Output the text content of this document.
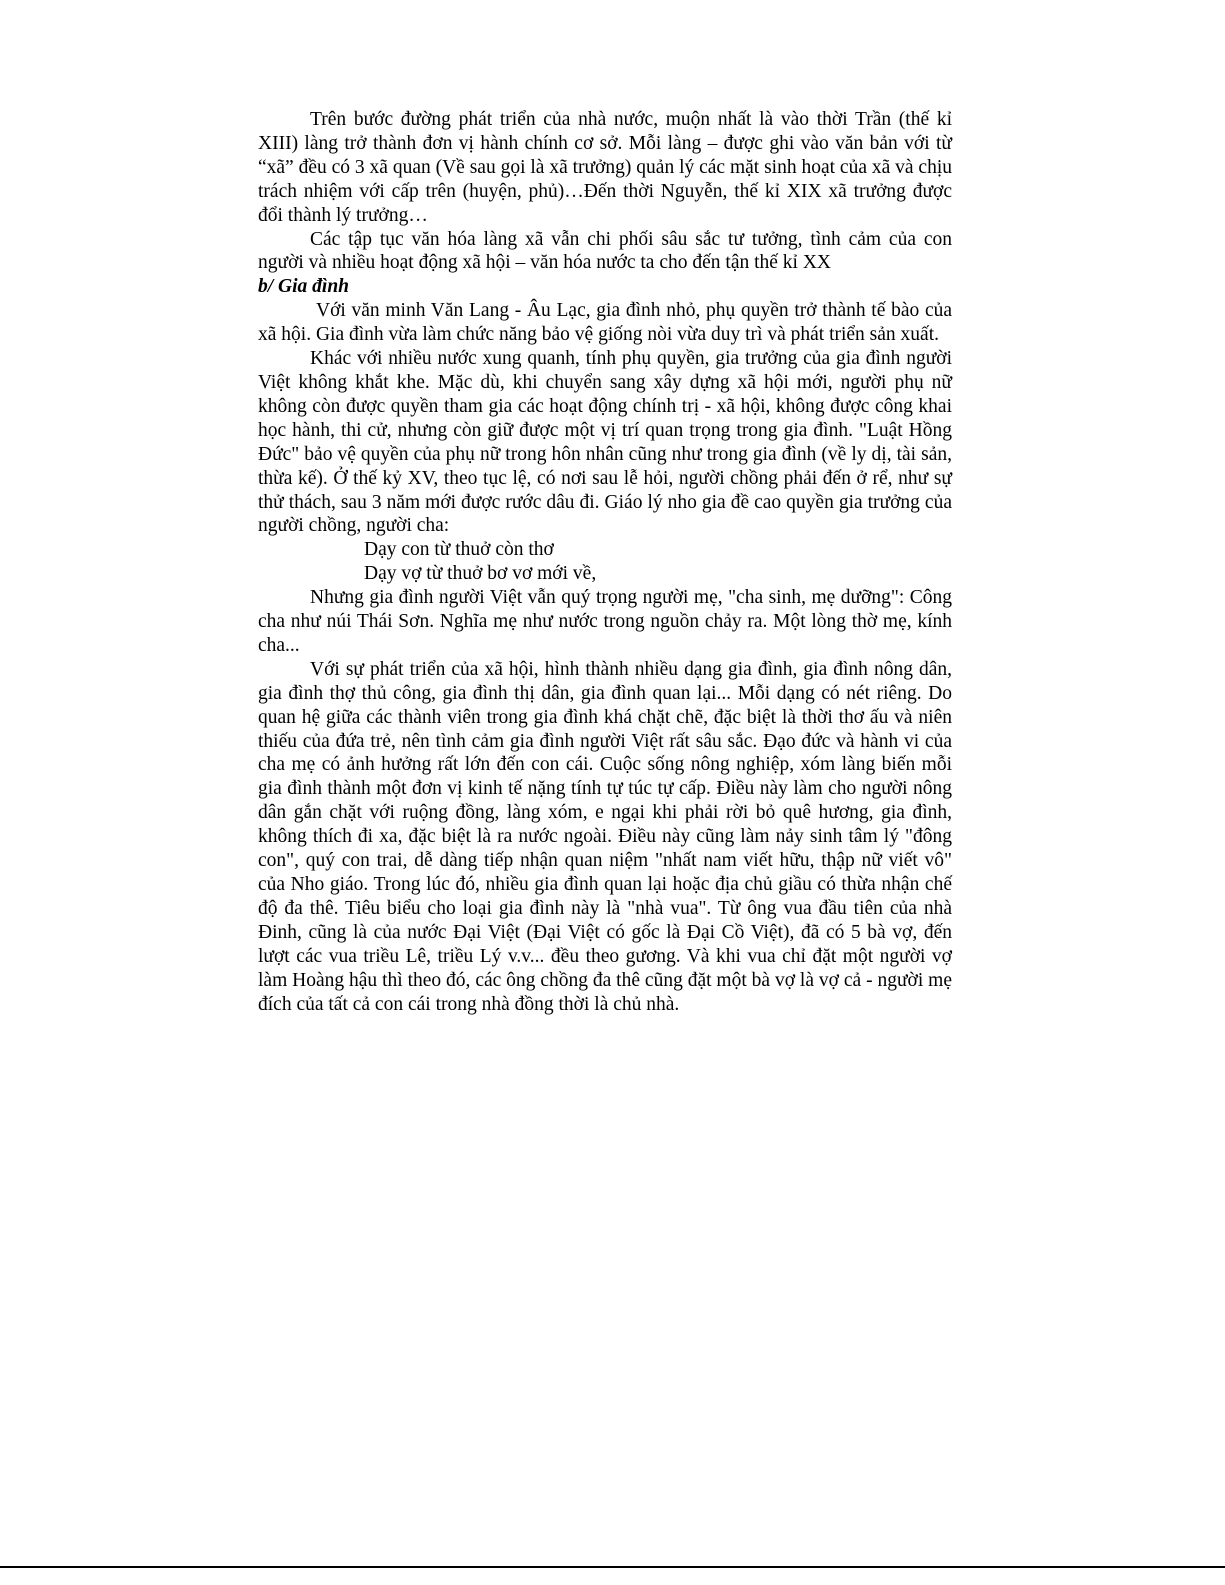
Trên bước đường phát triển của nhà nước, muộn nhất là vào thời Trần (thế kỉ XIII) làng trở thành đơn vị hành chính cơ sở. Mỗi làng – được ghi vào văn bản với từ “xã” đều có 3 xã quan (Về sau gọi là xã trưởng) quản lý các mặt sinh hoạt của xã và chịu trách nhiệm với cấp trên (huyện, phủ)…Đến thời Nguyễn, thế kỉ XIX xã trưởng được đổi thành lý trưởng…

Các tập tục văn hóa làng xã vẫn chi phối sâu sắc tư tưởng, tình cảm của con người và nhiều hoạt động xã hội – văn hóa nước ta cho đến tận thế kỉ XX

b/ Gia đình

Với văn minh Văn Lang - Âu Lạc, gia đình nhỏ, phụ quyền trở thành tế bào của xã hội. Gia đình vừa làm chức năng bảo vệ giống nòi vừa duy trì và phát triển sản xuất.

Khác với nhiều nước xung quanh, tính phụ quyền, gia trưởng của gia đình người Việt không khắt khe. Mặc dù, khi chuyển sang xây dựng xã hội mới, người phụ nữ không còn được quyền tham gia các hoạt động chính trị - xã hội, không được công khai học hành, thi cử, nhưng còn giữ được một vị trí quan trọng trong gia đình. "Luật Hồng Đức" bảo vệ quyền của phụ nữ trong hôn nhân cũng như trong gia đình (về ly dị, tài sản, thừa kế). Ở thế kỷ XV, theo tục lệ, có nơi sau lễ hỏi, người chồng phải đến ở rể, như sự thử thách, sau 3 năm mới được rước dâu đi. Giáo lý nho gia đề cao quyền gia trưởng của người chồng, người cha:

Dạy con từ thuở còn thơ

Dạy vợ từ thuở bơ vơ mới về,

Nhưng gia đình người Việt vẫn quý trọng người mẹ, "cha sinh, mẹ dưỡng": Công cha như núi Thái Sơn. Nghĩa mẹ như nước trong nguồn chảy ra. Một lòng thờ mẹ, kính cha...

Với sự phát triển của xã hội, hình thành nhiều dạng gia đình, gia đình nông dân, gia đình thợ thủ công, gia đình thị dân, gia đình quan lại... Mỗi dạng có nét riêng. Do quan hệ giữa các thành viên trong gia đình khá chặt chẽ, đặc biệt là thời thơ ấu và niên thiếu của đứa trẻ, nên tình cảm gia đình người Việt rất sâu sắc. Đạo đức và hành vi của cha mẹ có ảnh hưởng rất lớn đến con cái. Cuộc sống nông nghiệp, xóm làng biến mỗi gia đình thành một đơn vị kinh tế nặng tính tự túc tự cấp. Điều này làm cho người nông dân gắn chặt với ruộng đồng, làng xóm, e ngại khi phải rời bỏ quê hương, gia đình, không thích đi xa, đặc biệt là ra nước ngoài. Điều này cũng làm nảy sinh tâm lý "đông con", quý con trai, dễ dàng tiếp nhận quan niệm "nhất nam viết hữu, thập nữ viết vô" của Nho giáo. Trong lúc đó, nhiều gia đình quan lại hoặc địa chủ giầu có thừa nhận chế độ đa thê. Tiêu biểu cho loại gia đình này là "nhà vua". Từ ông vua đầu tiên của nhà Đinh, cũng là của nước Đại Việt (Đại Việt có gốc là Đại Cồ Việt), đã có 5 bà vợ, đến lượt các vua triều Lê, triều Lý v.v... đều theo gương. Và khi vua chỉ đặt một người vợ làm Hoàng hậu thì theo đó, các ông chồng đa thê cũng đặt một bà vợ là vợ cả - người mẹ đích của tất cả con cái trong nhà đồng thời là chủ nhà.
